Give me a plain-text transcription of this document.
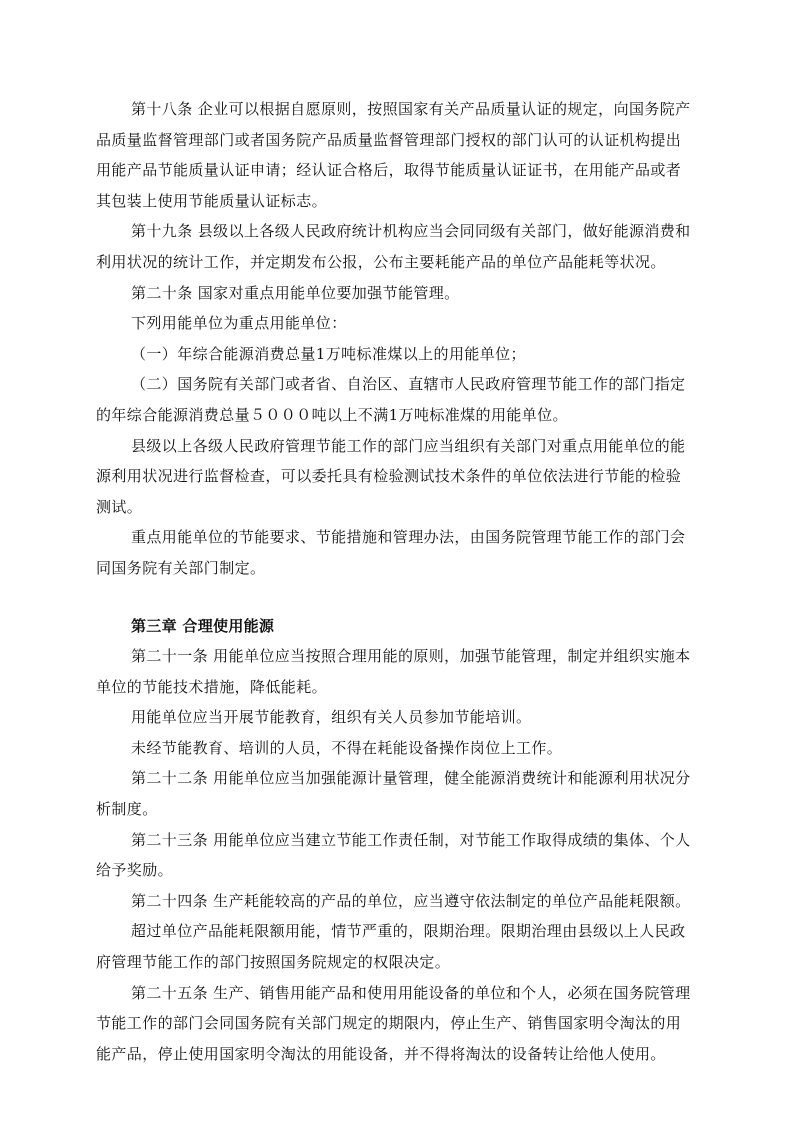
第十八条 企业可以根据自愿原则，按照国家有关产品质量认证的规定，向国务院产
品质量监督管理部门或者国务院产品质量监督管理部门授权的部门认可的认证机构提出
用能产品节能质量认证申请；经认证合格后，取得节能质量认证证书，在用能产品或者
其包装上使用节能质量认证标志。
第十九条 县级以上各级人民政府统计机构应当会同同级有关部门，做好能源消费和
利用状况的统计工作，并定期发布公报，公布主要耗能产品的单位产品能耗等状况。
第二十条 国家对重点用能单位要加强节能管理。
下列用能单位为重点用能单位：
（一）年综合能源消费总量1万吨标准煤以上的用能单位；
（二）国务院有关部门或者省、自治区、直辖市人民政府管理节能工作的部门指定
的年综合能源消费总量５０００吨以上不满1万吨标准煤的用能单位。
县级以上各级人民政府管理节能工作的部门应当组织有关部门对重点用能单位的能
源利用状况进行监督检查，可以委托具有检验测试技术条件的单位依法进行节能的检验
测试。
重点用能单位的节能要求、节能措施和管理办法，由国务院管理节能工作的部门会
同国务院有关部门制定。
第三章 合理使用能源
第二十一条 用能单位应当按照合理用能的原则，加强节能管理，制定并组织实施本
单位的节能技术措施，降低能耗。
用能单位应当开展节能教育，组织有关人员参加节能培训。
未经节能教育、培训的人员，不得在耗能设备操作岗位上工作。
第二十二条 用能单位应当加强能源计量管理，健全能源消费统计和能源利用状况分
析制度。
第二十三条 用能单位应当建立节能工作责任制，对节能工作取得成绩的集体、个人
给予奖励。
第二十四条 生产耗能较高的产品的单位，应当遵守依法制定的单位产品能耗限额。
超过单位产品能耗限额用能，情节严重的，限期治理。限期治理由县级以上人民政
府管理节能工作的部门按照国务院规定的权限决定。
第二十五条 生产、销售用能产品和使用用能设备的单位和个人，必须在国务院管理
节能工作的部门会同国务院有关部门规定的期限内，停止生产、销售国家明令淘汰的用
能产品，停止使用国家明令淘汰的用能设备，并不得将淘汰的设备转让给他人使用。
